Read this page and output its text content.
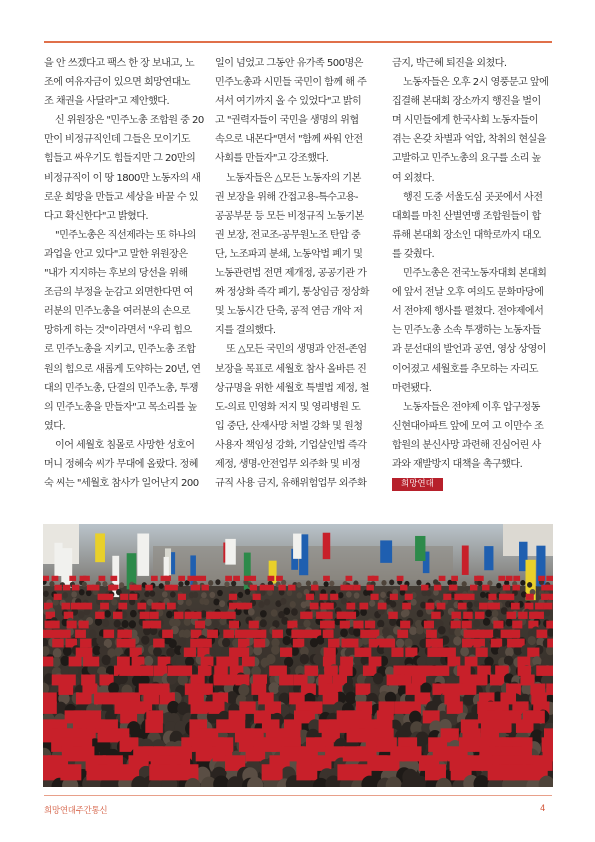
을 안 쓰겠다고 팩스 한 장 보내고, 노
조에 여유자금이 있으면 희망연대노
조 채권을 사달라"고 제안했다.

신 위원장은 "민주노총 조합원 중 20
만이 비정규직인데 그들은 모이기도
힘들고 싸우기도 힘들지만 그 20만의
비정규직이 이 땅 1800만 노동자의 새
로운 희망을 만들고 세상을 바꿀 수 있
다고 확신한다"고 밝혔다.

"민주노총은 직선제라는 또 하나의
과업을 안고 있다"고 말한 위원장은
"내가 지지하는 후보의 당선을 위해
조금의 부정을 눈감고 외면한다면 여
러분의 민주노총을 여러분의 손으로
망하게 하는 것"이라면서 "우리 힘으
로 민주노총을 지키고, 민주노총 조합
원의 힘으로 새롭게 도약하는 20년, 연
대의 민주노총, 단결의 민주노총, 투쟁
의 민주노총을 만들자"고 목소리를 높
였다.

이어 세월호 침몰로 사망한 성호어
머니 정혜숙 씨가 무대에 올랐다. 정혜
숙 씨는 "세월호 참사가 일어난지 200

일이 넘었고 그동안 유가족 500명은
민주노총과 시민들 국민이 함께 해 주
셔서 여기까지 올 수 있었다"고 밝히
고 "권력자들이 국민을 생명의 위협
속으로 내몬다"면서 "함께 싸워 안전
사회를 만들자"고 강조했다.

노동자들은 △모든 노동자의 기본
권 보장을 위해 간접고용-특수고용-
공공부문 등 모든 비정규직 노동기본
권 보장, 전교조-공무원노조 탄압 중
단, 노조파괴 분쇄, 노동악법 폐기 및
노동관련법 전면 제개정, 공공기관 가
짜 정상화 즉각 폐기, 통상임금 정상화
및 노동시간 단축, 공적 연금 개악 저
지를 결의했다.

또 △모든 국민의 생명과 안전-존엄
보장을 목표로 세월호 참사 올바른 진
상규명을 위한 세월호 특별법 제정, 철
도-의료 민영화 저지 및 영리병원 도
입 중단, 산재사망 처벌 강화 및 원청
사용자 책임성 강화, 기업살인법 즉각
제정, 생명-안전업무 외주화 및 비정
규직 사용 금지, 유해위험업무 외주화

금지, 박근혜 퇴진을 외쳤다.

노동자들은 오후 2시 영풍문고 앞에
집결해 본대회 장소까지 행진을 벌이
며 시민들에게 한국사회 노동자들이
겪는 온갖 차별과 억압, 착취의 현실을
고발하고 민주노총의 요구를 소리 높
여 외쳤다.

행진 도중 서울도심 곳곳에서 사전
대회를 마친 산별연맹 조합원들이 합
류해 본대회 장소인 대학로까지 대오
를 갖췄다.

민주노총은 전국노동자대회 본대회
에 앞서 전날 오후 여의도 문화마당에
서 전야제 행사를 펼쳤다. 전야제에서
는 민주노총 소속 투쟁하는 노동자들
과 문선대의 발언과 공연, 영상 상영이
이어졌고 세월호를 추모하는 자리도
마련됐다.

노동자들은 전야제 이후 압구정동
신현대아파트 앞에 모여 고 이만수 조
합원의 분신사망 과련해 진심어린 사
과와 재발방지 대책을 촉구했다.

희망연대
희망연대주간통신	4
